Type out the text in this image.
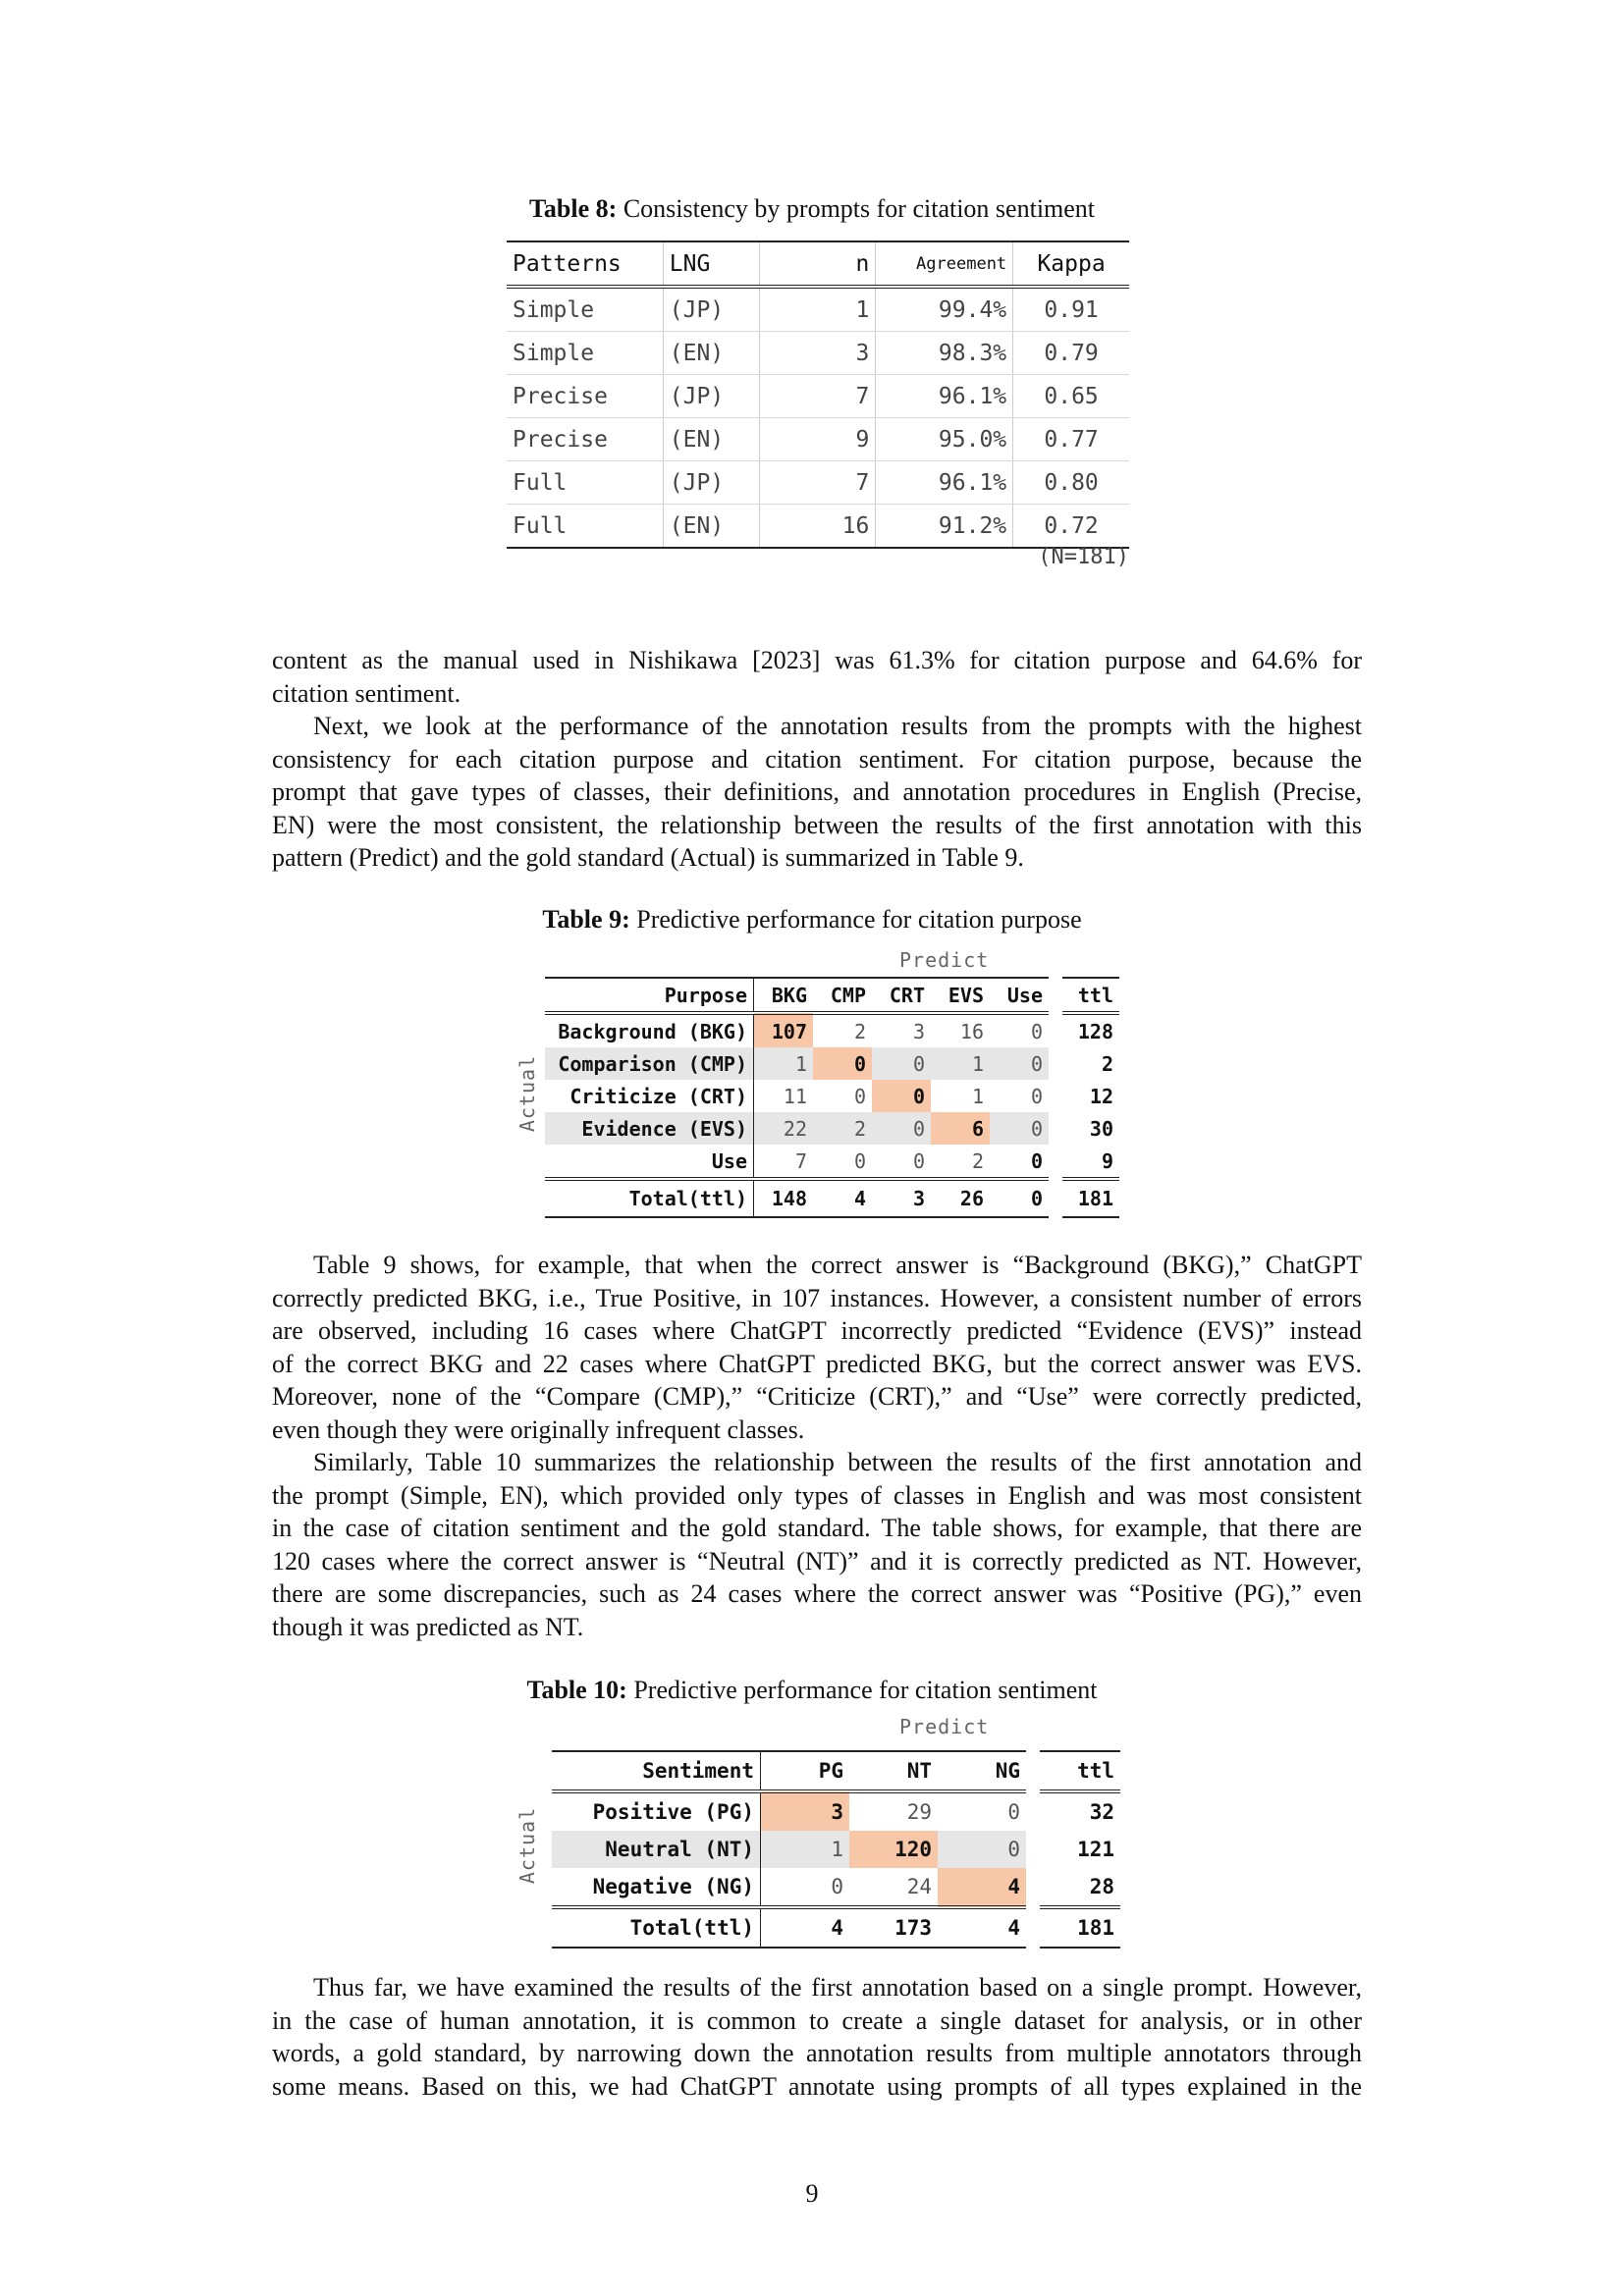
Table 8: Consistency by prompts for citation sentiment
Patterns	LNG	n	Agreement	Kappa
Simple	(JP)	1	99.4%	0.91
Simple	(EN)	3	98.3%	0.79
Precise	(JP)	7	96.1%	0.65
Precise	(EN)	9	95.0%	0.77
Full	(JP)	7	96.1%	0.80
Full	(EN)	16	91.2%	0.72
(N=181)
content as the manual used in Nishikawa [2023] was 61.3% for citation purpose and 64.6% for
citation sentiment.
Next, we look at the performance of the annotation results from the prompts with the highest
consistency for each citation purpose and citation sentiment. For citation purpose, because the
prompt that gave types of classes, their definitions, and annotation procedures in English (Precise,
EN) were the most consistent, the relationship between the results of the first annotation with this
pattern (Predict) and the gold standard (Actual) is summarized in Table 9.
Table 9: Predictive performance for citation purpose
Predict
Actual
Purpose	BKG	CMP	CRT	EVS	Use	ttl
Background (BKG)	107	2	3	16	0	128
Comparison (CMP)	1	0	0	1	0	2
Criticize (CRT)	11	0	0	1	0	12
Evidence (EVS)	22	2	0	6	0	30
Use	7	0	0	2	0	9
Total(ttl)	148	4	3	26	0	181
Table 9 shows, for example, that when the correct answer is “Background (BKG),” ChatGPT
correctly predicted BKG, i.e., True Positive, in 107 instances. However, a consistent number of errors
are observed, including 16 cases where ChatGPT incorrectly predicted “Evidence (EVS)” instead
of the correct BKG and 22 cases where ChatGPT predicted BKG, but the correct answer was EVS.
Moreover, none of the “Compare (CMP),” “Criticize (CRT),” and “Use” were correctly predicted,
even though they were originally infrequent classes.
Similarly, Table 10 summarizes the relationship between the results of the first annotation and
the prompt (Simple, EN), which provided only types of classes in English and was most consistent
in the case of citation sentiment and the gold standard. The table shows, for example, that there are
120 cases where the correct answer is “Neutral (NT)” and it is correctly predicted as NT. However,
there are some discrepancies, such as 24 cases where the correct answer was “Positive (PG),” even
though it was predicted as NT.
Table 10: Predictive performance for citation sentiment
Predict
Actual
Sentiment	PG	NT	NG	ttl
Positive (PG)	3	29	0	32
Neutral (NT)	1	120	0	121
Negative (NG)	0	24	4	28
Total(ttl)	4	173	4	181
Thus far, we have examined the results of the first annotation based on a single prompt. However,
in the case of human annotation, it is common to create a single dataset for analysis, or in other
words, a gold standard, by narrowing down the annotation results from multiple annotators through
some means. Based on this, we had ChatGPT annotate using prompts of all types explained in the
9
